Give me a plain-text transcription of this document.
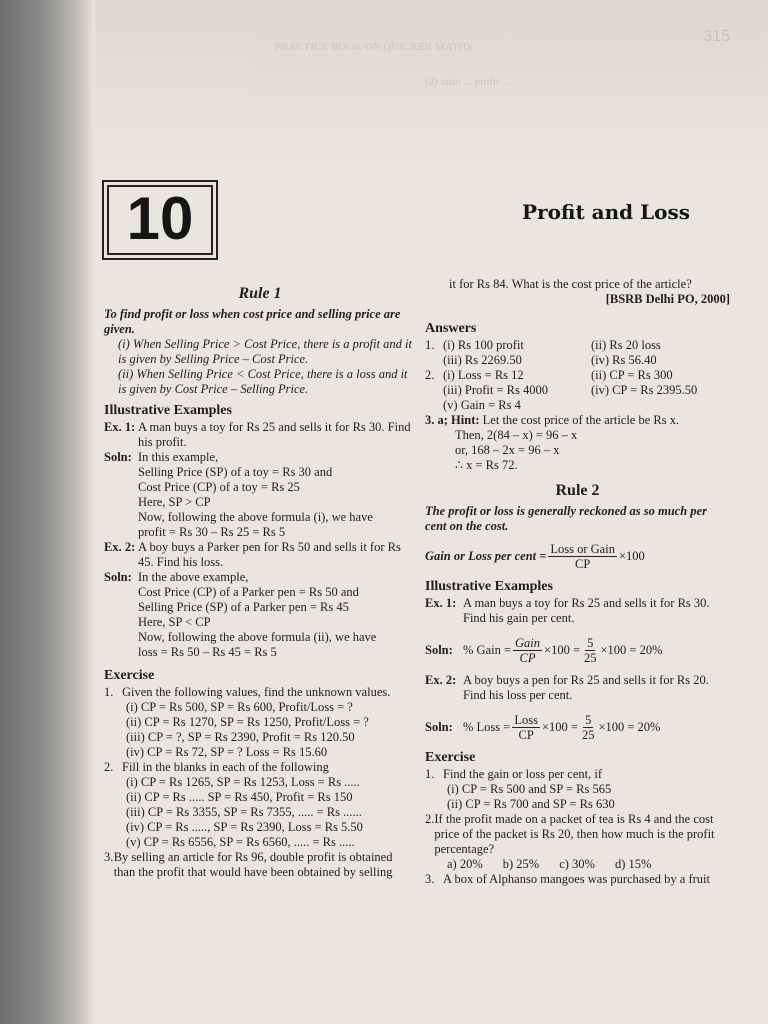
PRACTICE BOOK ON QUICKER MATHS
(2) ratio ... profit ...
315
10	Profit and Loss
Rule 1
To find profit or loss when cost price and selling price are given.
(i) When Selling Price > Cost Price, there is a profit and it is given by Selling Price – Cost Price.
(ii) When Selling Price < Cost Price, there is a loss and it is given by Cost Price – Selling Price.
Illustrative Examples
Ex. 1: A man buys a toy for Rs 25 and sells it for Rs 30. Find his profit.
Soln: In this example,
Selling Price (SP) of a toy = Rs 30 and
Cost Price (CP) of a toy = Rs 25
Here, SP > CP
Now, following the above formula (i), we have
profit = Rs 30 – Rs 25 = Rs 5
Ex. 2: A boy buys a Parker pen for Rs 50 and sells it for Rs 45. Find his loss.
Soln: In the above example,
Cost Price (CP) of a Parker pen = Rs 50 and
Selling Price (SP) of a Parker pen = Rs 45
Here, SP < CP
Now, following the above formula (ii), we have
loss = Rs 50 – Rs 45 = Rs 5
Exercise
1. Given the following values, find the unknown values.
(i) CP = Rs 500, SP = Rs 600, Profit/Loss = ?
(ii) CP = Rs 1270, SP = Rs 1250, Profit/Loss = ?
(iii) CP = ?, SP = Rs 2390, Profit = Rs 120.50
(iv) CP = Rs 72, SP = ? Loss = Rs 15.60
2. Fill in the blanks in each of the following
(i) CP = Rs 1265, SP = Rs 1253, Loss = Rs .....
(ii) CP = Rs ..... SP = Rs 450, Profit = Rs 150
(iii) CP = Rs 3355, SP = Rs 7355, ..... = Rs ......
(iv) CP = Rs ....., SP = Rs 2390, Loss = Rs 5.50
(v) CP = Rs 6556, SP = Rs 6560, ..... = Rs .....
3. By selling an article for Rs 96, double profit is obtained than the profit that would have been obtained by selling
it for Rs 84. What is the cost price of the article?
[BSRB Delhi PO, 2000]
Answers
1. (i) Rs 100 profit	(ii) Rs 20 loss
(iii) Rs 2269.50	(iv) Rs 56.40
2. (i) Loss = Rs 12	(ii) CP = Rs 300
(iii) Profit = Rs 4000	(iv) CP = Rs 2395.50
(v) Gain = Rs 4
3. a; Hint: Let the cost price of the article be Rs x.
Then, 2(84 – x) = 96 – x
or, 168 – 2x = 96 – x
∴ x = Rs 72.
Rule 2
The profit or loss is generally reckoned as so much per cent on the cost.
Gain or Loss per cent = $\frac{\text{Loss or Gain}}{CP} \times 100$
Illustrative Examples
Ex. 1: A man buys a toy for Rs 25 and sells it for Rs 30. Find his gain per cent.
Soln: % Gain = $\frac{\text{Gain}}{CP} \times 100 = \frac{5}{25} \times 100 = 20\%$
Ex. 2: A boy buys a pen for Rs 25 and sells it for Rs 20. Find his loss per cent.
Soln: % Loss = $\frac{\text{Loss}}{CP} \times 100 = \frac{5}{25} \times 100 = 20\%$
Exercise
1. Find the gain or loss per cent, if
(i) CP = Rs 500 and SP = Rs 565
(ii) CP = Rs 700 and SP = Rs 630
2. If the profit made on a packet of tea is Rs 4 and the cost price of the packet is Rs 20, then how much is the profit percentage?
a) 20% b) 25% c) 30% d) 15%
3. A box of Alphanso mangoes was purchased by a fruit
